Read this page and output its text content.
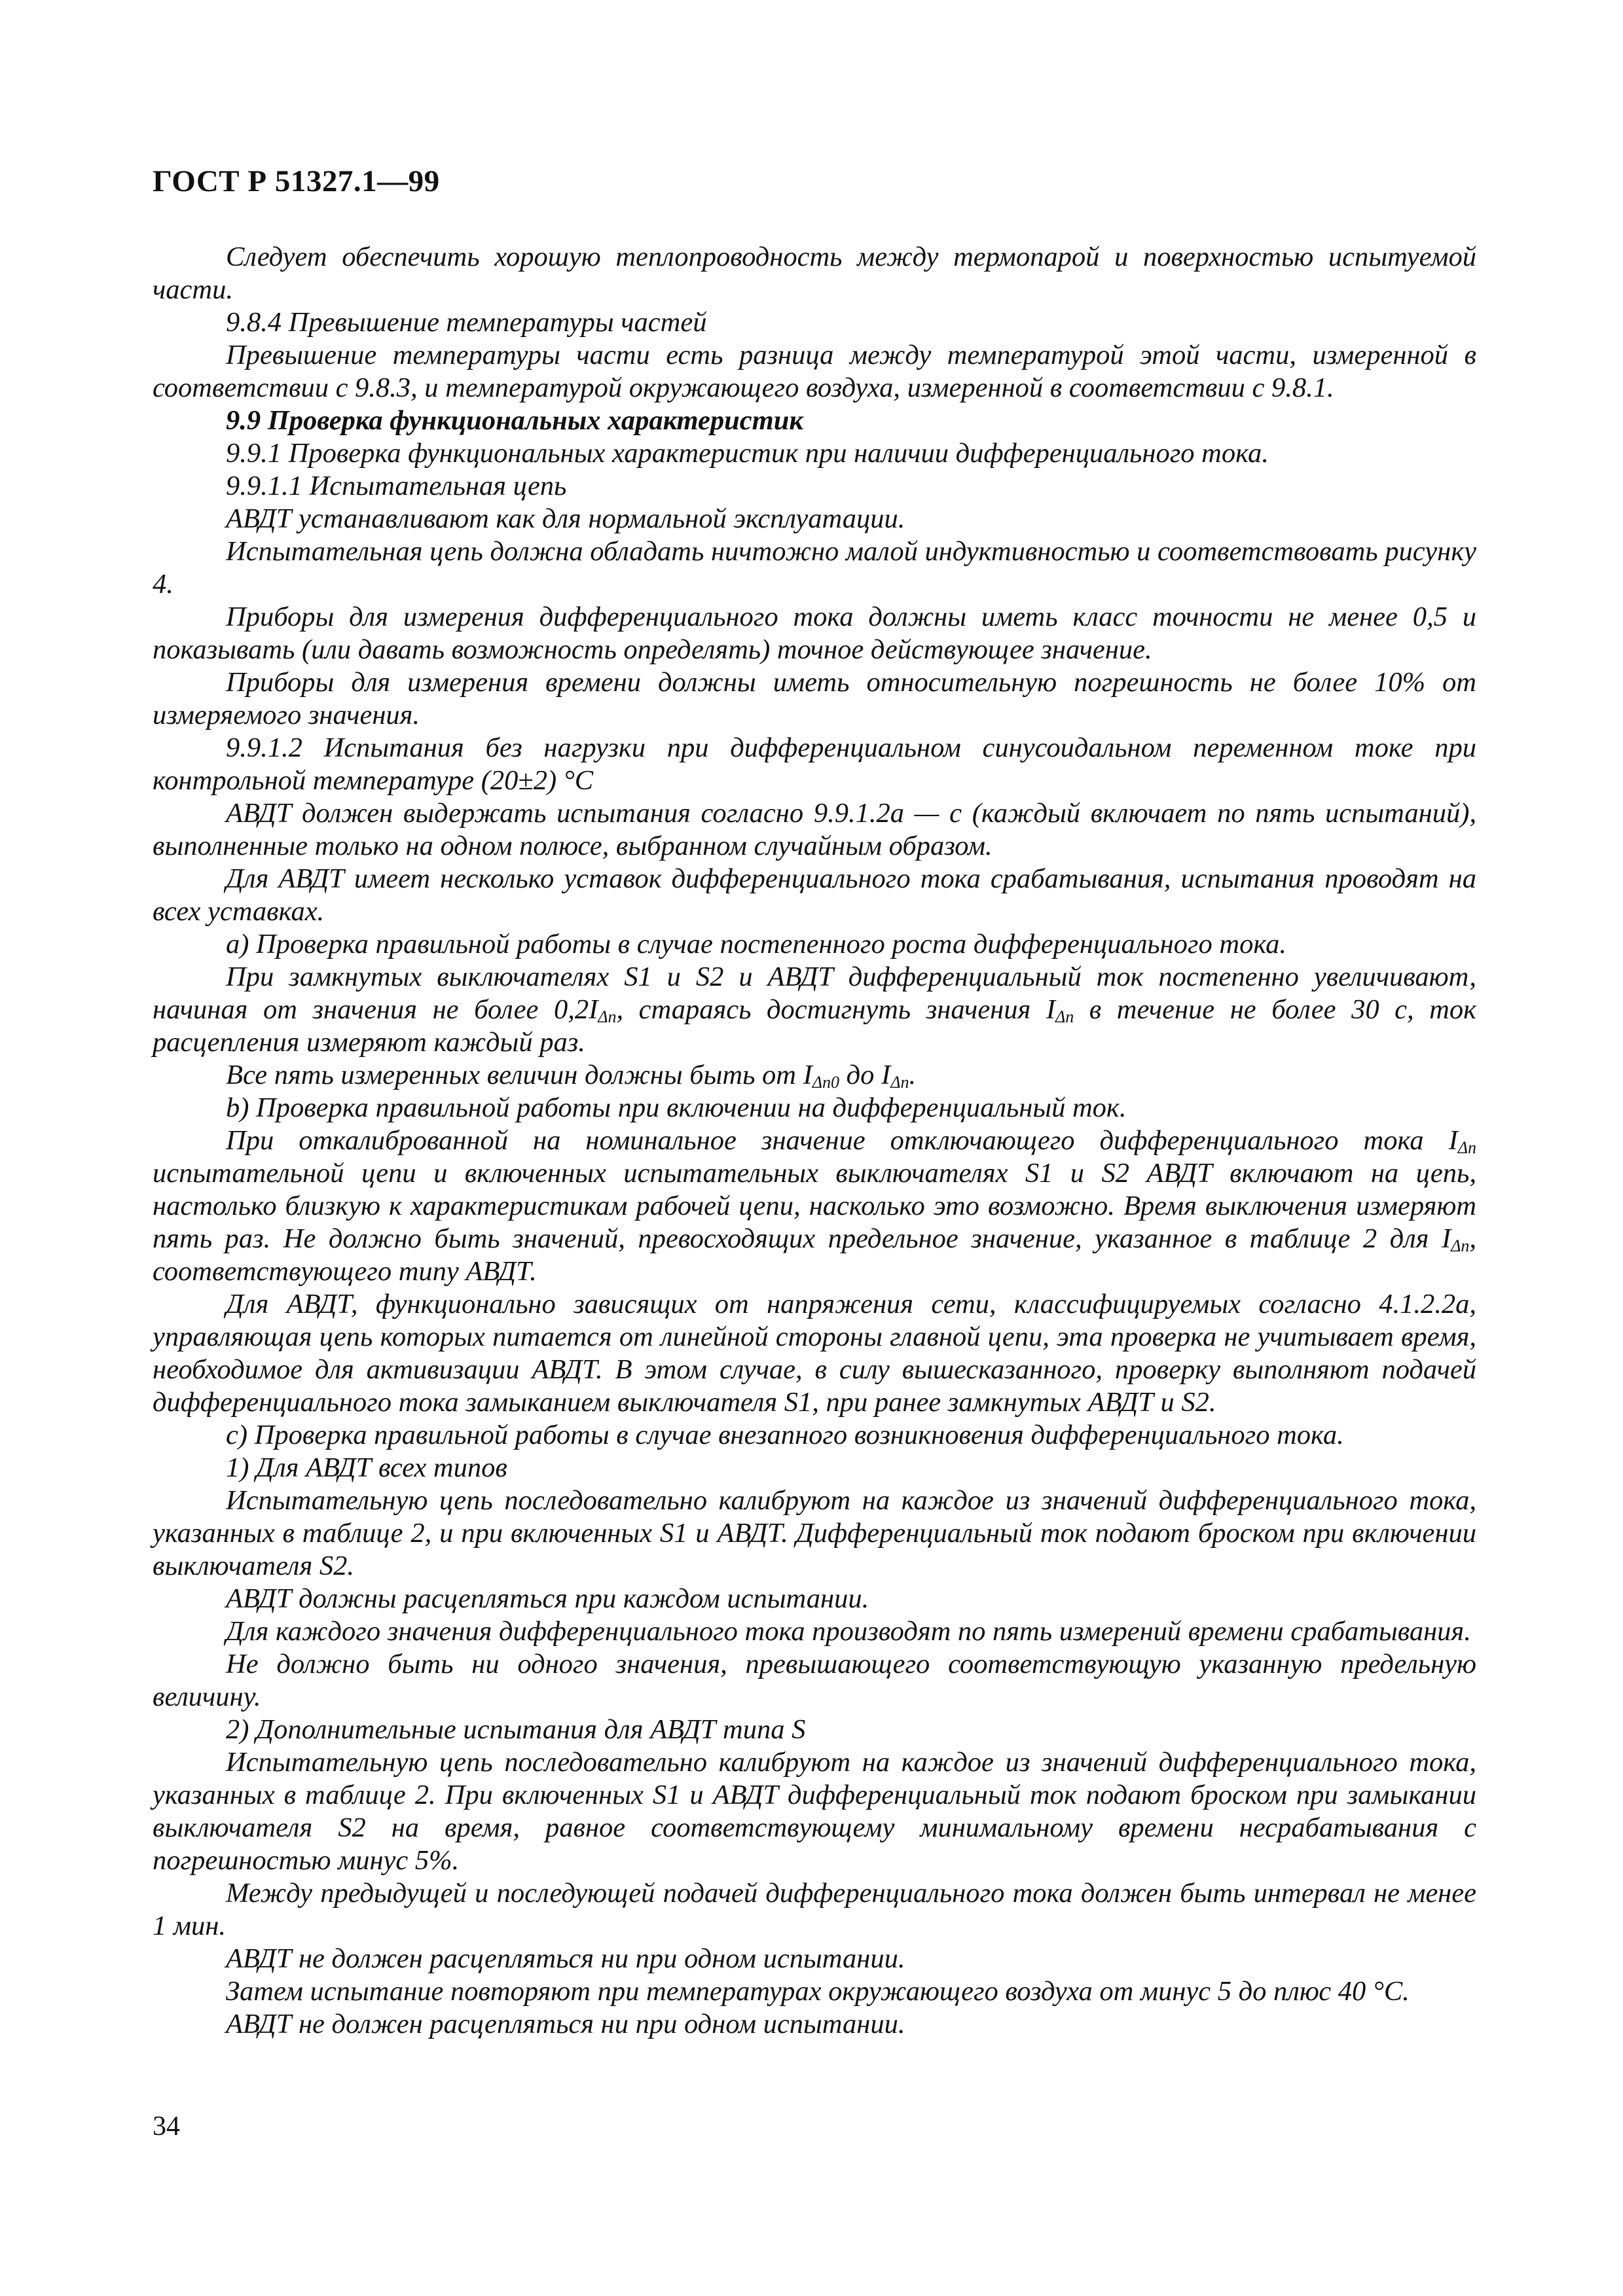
ГОСТ Р 51327.1—99

Следует обеспечить хорошую теплопроводность между термопарой и поверхностью испытуемой части.

9.8.4 Превышение температуры частей

Превышение температуры части есть разница между температурой этой части, измеренной в соответствии с 9.8.3, и температурой окружающего воздуха, измеренной в соответствии с 9.8.1.

9.9 Проверка функциональных характеристик

9.9.1 Проверка функциональных характеристик при наличии дифференциального тока.

9.9.1.1 Испытательная цепь

АВДТ устанавливают как для нормальной эксплуатации.

Испытательная цепь должна обладать ничтожно малой индуктивностью и соответствовать рисунку 4.

Приборы для измерения дифференциального тока должны иметь класс точности не менее 0,5 и показывать (или давать возможность определять) точное действующее значение.

Приборы для измерения времени должны иметь относительную погрешность не более 10% от измеряемого значения.

9.9.1.2 Испытания без нагрузки при дифференциальном синусоидальном переменном токе при контрольной температуре (20±2) °С

АВДТ должен выдержать испытания согласно 9.9.1.2а — с (каждый включает по пять испытаний), выполненные только на одном полюсе, выбранном случайным образом.

Для АВДТ имеет несколько уставок дифференциального тока срабатывания, испытания проводят на всех уставках.

а) Проверка правильной работы в случае постепенного роста дифференциального тока.

При замкнутых выключателях S1 и S2 и АВДТ дифференциальный ток постепенно увеличивают, начиная от значения не более $0,2I_{\Delta n}$, стараясь достигнуть значения $I_{\Delta n}$ в течение не более 30 с, ток расцепления измеряют каждый раз.

Все пять измеренных величин должны быть от $I_{\Delta n0}$ до $I_{\Delta n}$.

b) Проверка правильной работы при включении на дифференциальный ток.

При откалиброванной на номинальное значение отключающего дифференциального тока $I_{\Delta n}$ испытательной цепи и включенных испытательных выключателях S1 и S2 АВДТ включают на цепь, настолько близкую к характеристикам рабочей цепи, насколько это возможно. Время выключения измеряют пять раз. Не должно быть значений, превосходящих предельное значение, указанное в таблице 2 для $I_{\Delta n}$, соответствующего типу АВДТ.

Для АВДТ, функционально зависящих от напряжения сети, классифицируемых согласно 4.1.2.2а, управляющая цепь которых питается от линейной стороны главной цепи, эта проверка не учитывает время, необходимое для активизации АВДТ. В этом случае, в силу вышесказанного, проверку выполняют подачей дифференциального тока замыканием выключателя S1, при ранее замкнутых АВДТ и S2.

с) Проверка правильной работы в случае внезапного возникновения дифференциального тока.

1) Для АВДТ всех типов

Испытательную цепь последовательно калибруют на каждое из значений дифференциального тока, указанных в таблице 2, и при включенных S1 и АВДТ. Дифференциальный ток подают броском при включении выключателя S2.

АВДТ должны расцепляться при каждом испытании.

Для каждого значения дифференциального тока производят по пять измерений времени срабатывания.

Не должно быть ни одного значения, превышающего соответствующую указанную предельную величину.

2) Дополнительные испытания для АВДТ типа S

Испытательную цепь последовательно калибруют на каждое из значений дифференциального тока, указанных в таблице 2. При включенных S1 и АВДТ дифференциальный ток подают броском при замыкании выключателя S2 на время, равное соответствующему минимальному времени несрабатывания с погрешностью минус 5%.

Между предыдущей и последующей подачей дифференциального тока должен быть интервал не менее 1 мин.

АВДТ не должен расцепляться ни при одном испытании.

Затем испытание повторяют при температурах окружающего воздуха от минус 5 до плюс 40 °С.

АВДТ не должен расцепляться ни при одном испытании.

34
